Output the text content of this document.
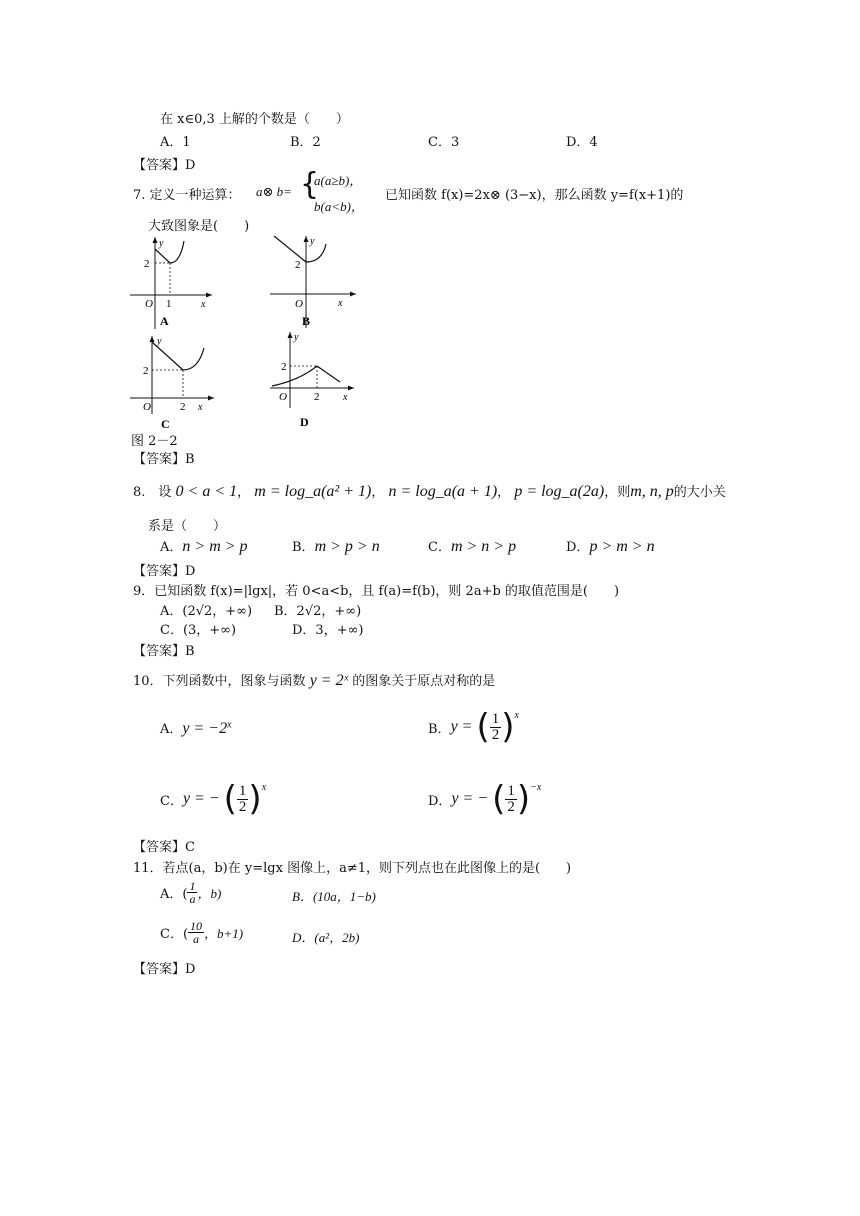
在 x∈0,3 上解的个数是（　　）
A．1	B．2	C．3	D．4
【答案】D
7. 定义一种运算： a⊗ b= {
a(a≥b)，
b(a<b)，
已知函数 f(x)=2x⊗ (3−x)，那么函数 y=f(x+1)的
大致图象是(　　)
2
1
O	x
y
A
2
O	x
y
B
2
2
O	x
y
C
2
2
O	x
y
D
图 2－2
【答案】B
8.　设 0 < a < 1， m = log_a(a² + 1)， n = log_a(a + 1)， p = log_a(2a)，则m, n, p的大小关
系是（　　）
A．n > m > p	B．m > p > n	C．m > n > p	D．p > m > n
【答案】D
9．已知函数 f(x)=|lgx|，若 0<a<b，且 f(a)=f(b)，则 2a+b 的取值范围是(　　)
A．(2√2，+∞) B．2√2，+∞)
C．(3，+∞)	D．3，+∞)
【答案】B
10．下列函数中，图象与函数 y = 2ˣ 的图象关于原点对称的是
A．$y = -2^x$	B． y = ( $\frac{1}{2} )^x$
C． y = − ( $\frac{1}{2} )^x$
D． y = − ( $\frac{1}{2} )^{-x}$
【答案】C
11．若点(a，b)在 y=lgx 图像上，a≠1，则下列点也在此图像上的是(　　)
A．( $\frac{1}{a}$ ，b)	B．(10a，1−b)
C．( $\frac{10}{a}$ ，b+1)	D．(a²，2b)
【答案】D
